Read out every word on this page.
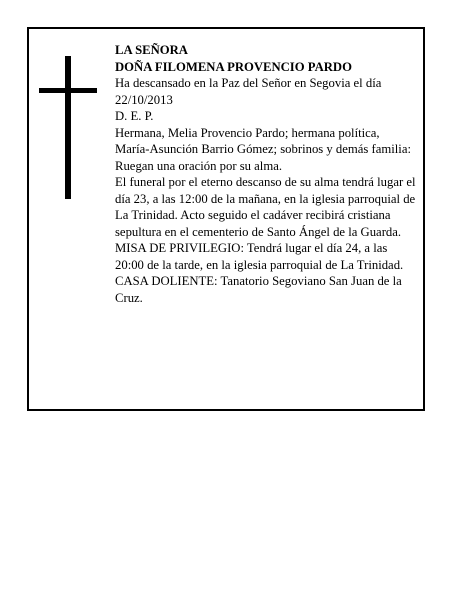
LA SEÑORA

DOÑA FILOMENA PROVENCIO PARDO

Ha descansado en la Paz del Señor en Segovia el día 22/10/2013

D. E. P.

Hermana, Melia Provencio Pardo; hermana política, María-Asunción Barrio Gómez; sobrinos y demás familia:

Ruegan una oración por su alma.

El funeral por el eterno descanso de su alma tendrá lugar el día 23, a las 12:00 de la mañana, en la iglesia parroquial de La Trinidad. Acto seguido el cadáver recibirá cristiana sepultura en el cementerio de Santo Ángel de la Guarda.

MISA DE PRIVILEGIO: Tendrá lugar el día 24, a las 20:00 de la tarde, en la iglesia parroquial de La Trinidad.

CASA DOLIENTE: Tanatorio Segoviano San Juan de la Cruz.
